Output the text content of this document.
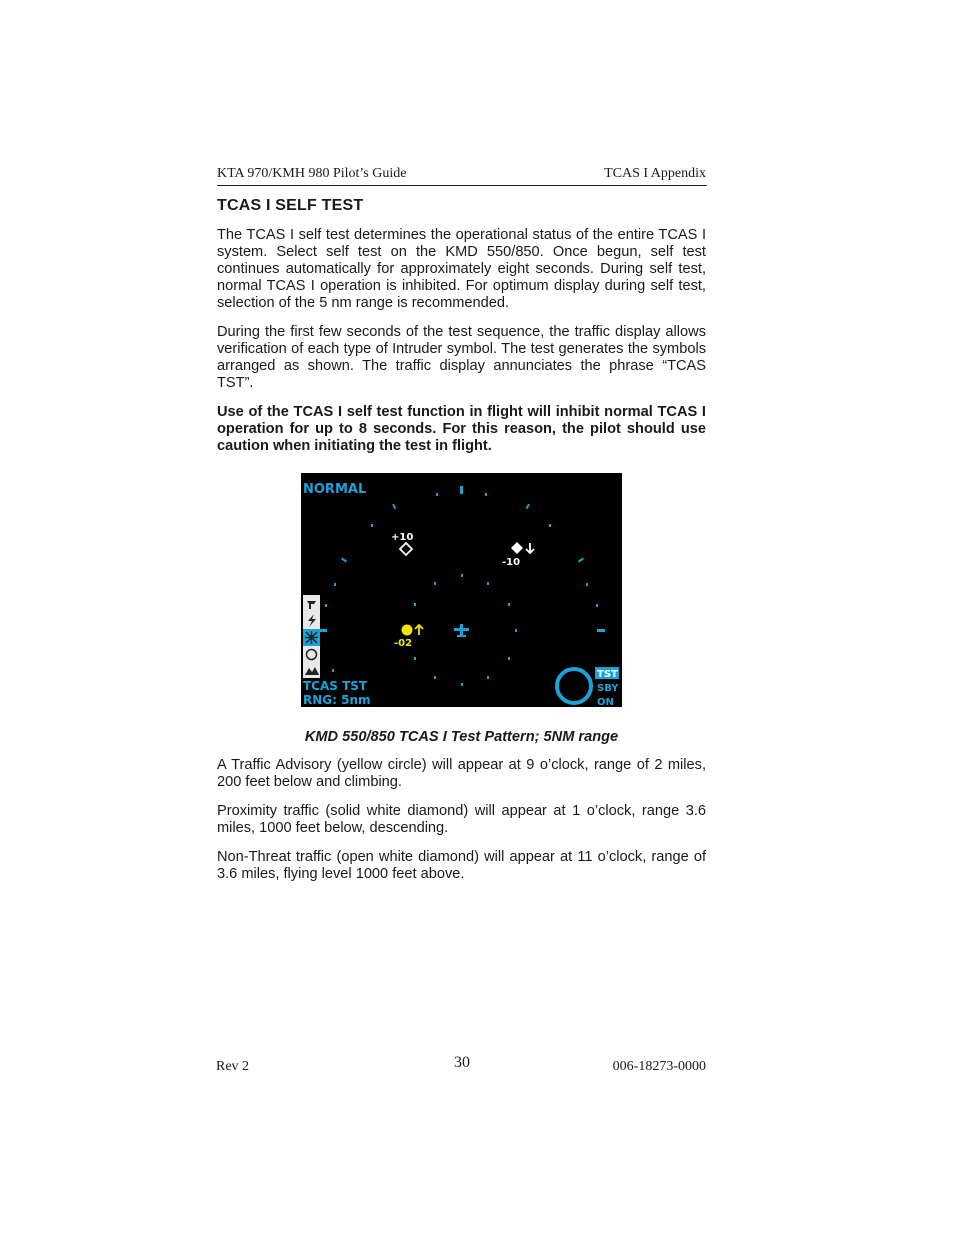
KTA 970/KMH 980 Pilot’s Guide	TCAS I Appendix
TCAS I SELF TEST

The TCAS I self test determines the operational status of the entire TCAS I system. Select self test on the KMD 550/850. Once begun, self test continues automatically for approximately eight seconds. During self test, normal TCAS I operation is inhibited. For optimum display during self test, selection of the 5 nm range is recommended.

During the first few seconds of the test sequence, the traffic display allows verification of each type of Intruder symbol. The test generates the symbols arranged as shown. The traffic display annunciates the phrase “TCAS TST”.

Use of the TCAS I self test function in flight will inhibit normal TCAS I operation for up to 8 seconds. For this reason, the pilot should use caution when initiating the test in flight.

NORMAL
+10
-10
-02
TCAS TST
RNG: 5nm
TST
SBY
ON
KMD 550/850 TCAS I Test Pattern; 5NM range

A Traffic Advisory (yellow circle) will appear at 9 o’clock, range of 2 miles, 200 feet below and climbing.

Proximity traffic (solid white diamond) will appear at 1 o’clock, range 3.6 miles, 1000 feet below, descending.

Non-Threat traffic (open white diamond) will appear at 11 o’clock, range of 3.6 miles, flying level 1000 feet above.

Rev 2	30	006-18273-0000
